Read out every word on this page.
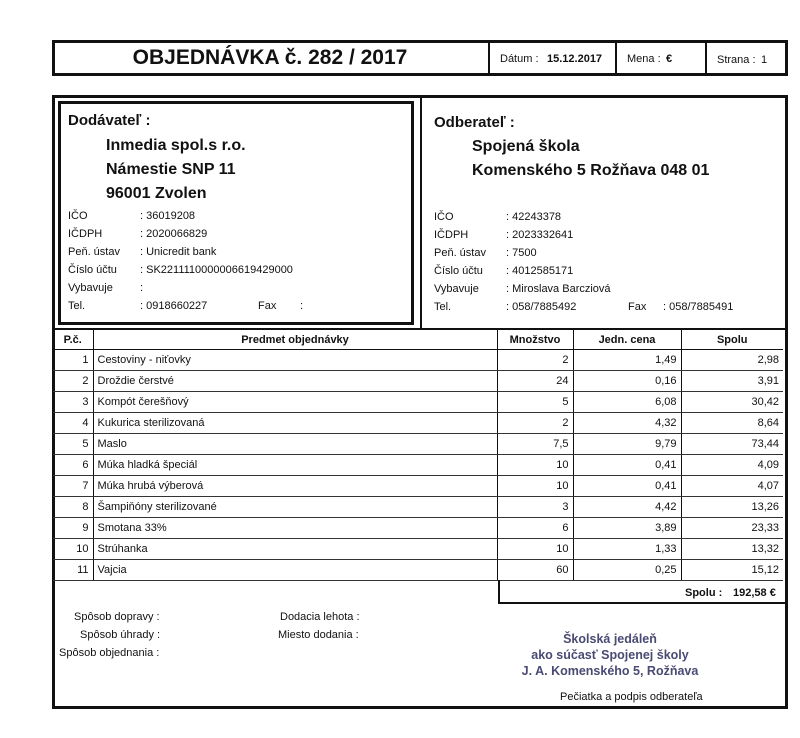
OBJEDNÁVKA č. 282 / 2017	Dátum : 15.12.2017 Mena : €	Strana : 1
Dodávateľ :
Inmedia spol.s r.o.
Námestie SNP 11
96001 Zvolen
IČO	: 36019208
IČDPH	: 2020066829
Peň. ústav : Unicredit bank
Číslo účtu : SK2211110000006619429000
Vybavuje :
Tel.	: 0918660227	Fax :
Odberateľ :
Spojená škola
Komenského 5 Rožňava 048 01
IČO	: 42243378
IČDPH	: 2023332641
Peň. ústav : 7500
Číslo účtu : 4012585171
Vybavuje : Miroslava Barcziová
Tel.	: 058/7885492	Fax : 058/7885491
P.č.	Predmet objednávky	Množstvo	Jedn. cena	Spolu
1	Cestoviny - niťovky	2	1,49	2,98
2	Droždie čerstvé	24	0,16	3,91
3	Kompót čerešňový	5	6,08	30,42
4	Kukurica sterilizovaná	2	4,32	8,64
5	Maslo	7,5	9,79	73,44
6	Múka hladká špeciál	10	0,41	4,09
7	Múka hrubá výberová	10	0,41	4,07
8	Šampiňóny sterilizované	3	4,42	13,26
9	Smotana 33%	6	3,89	23,33
10	Strúhanka	10	1,33	13,32
11	Vajcia	60	0,25	15,12
Spolu : 192,58 €
Spôsob dopravy :
Spôsob úhrady :
Spôsob objednania :
Dodacia lehota :
Miesto dodania :	Školská jedáleň
ako súčasť Spojenej školy
J. A. Komenského 5, Rožňava
Pečiatka a podpis odberateľa
